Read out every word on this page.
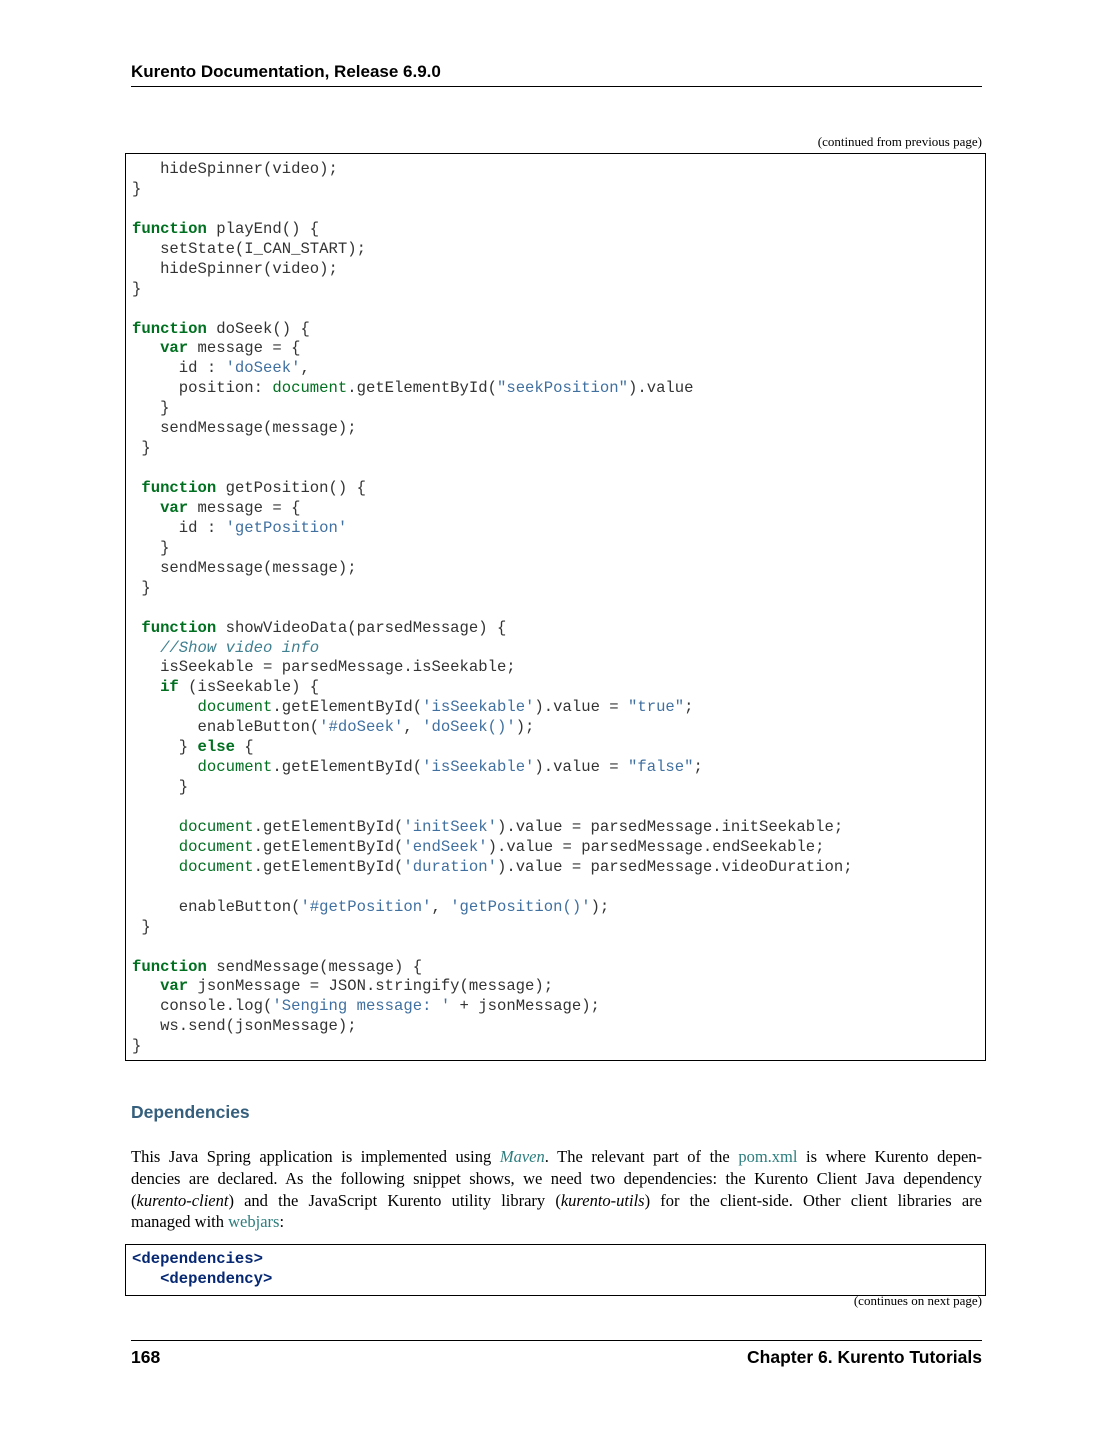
Kurento Documentation, Release 6.9.0
(continued from previous page)
hideSpinner(video);
}

function playEnd() {
setState(I_CAN_START);
hideSpinner(video);
}

function doSeek() {
var message = {
id : 'doSeek',
position: document.getElementById("seekPosition").value
}
sendMessage(message);
}

function getPosition() {
var message = {
id : 'getPosition'
}
sendMessage(message);
}

function showVideoData(parsedMessage) {
//Show video info
isSeekable = parsedMessage.isSeekable;
if (isSeekable) {
document.getElementById('isSeekable').value = "true";
enableButton('#doSeek', 'doSeek()');
} else {
document.getElementById('isSeekable').value = "false";
}

document.getElementById('initSeek').value = parsedMessage.initSeekable;
document.getElementById('endSeek').value = parsedMessage.endSeekable;
document.getElementById('duration').value = parsedMessage.videoDuration;

enableButton('#getPosition', 'getPosition()');
}

function sendMessage(message) {
var jsonMessage = JSON.stringify(message);
console.log('Senging message: ' + jsonMessage);
ws.send(jsonMessage);
}

Dependencies
This Java Spring application is implemented using Maven. The relevant part of the pom.xml is where Kurento depen-
dencies are declared. As the following snippet shows, we need two dependencies: the Kurento Client Java dependency
(kurento-client) and the JavaScript Kurento utility library (kurento-utils) for the client-side. Other client libraries are
managed with webjars:
<dependencies>
<dependency>

(continues on next page)
168	Chapter 6. Kurento Tutorials
